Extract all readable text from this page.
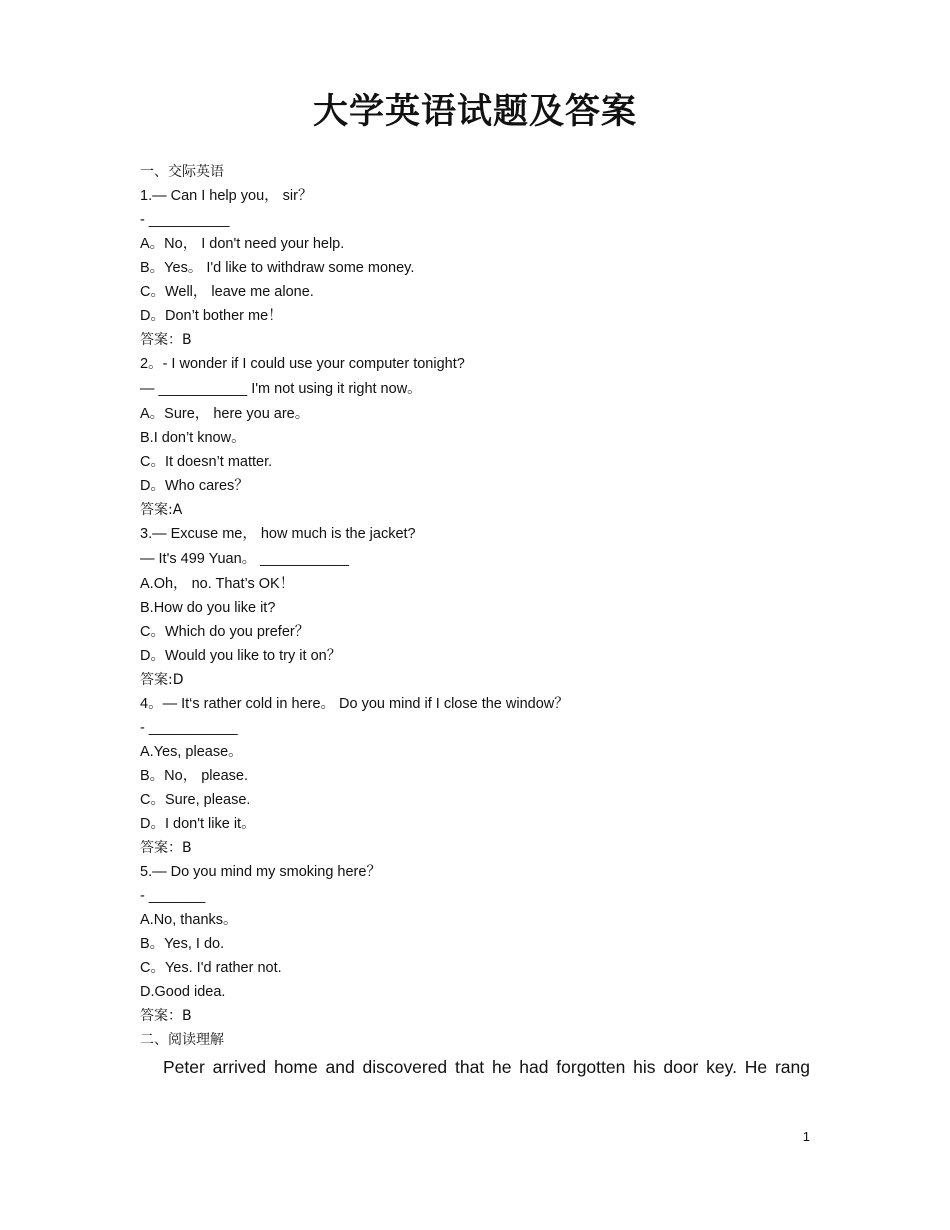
大学英语试题及答案
一、交际英语
1.— Can I help you， sir？
- __________
A。No， I don't need your help.
B。Yes。 I'd like to withdraw some money.
C。Well， leave me alone.
D。Don’t bother me！
答案：B
2。- I wonder if I could use your computer tonight?
— ___________ I'm not using it right now。
A。Sure， here you are。
B.I don’t know。
C。It doesn’t matter.
D。Who cares？
答案:A
3.— Excuse me， how much is the jacket?
— It's 499 Yuan。 ___________
A.Oh， no. That’s OK！
B.How do you like it?
C。Which do you prefer？
D。Would you like to try it on？
答案:D
4。— It‘s rather cold in here。 Do you mind if I close the window？
- ___________
A.Yes, please。
B。No， please.
C。Sure, please.
D。I don't like it。
答案：B
5.— Do you mind my smoking here？
- _______
A.No, thanks。
B。Yes, I do.
C。Yes. I'd rather not.
D.Good idea.
答案：B
二、阅读理解
Peter arrived home and discovered that he had forgotten his door key. He rang
1
